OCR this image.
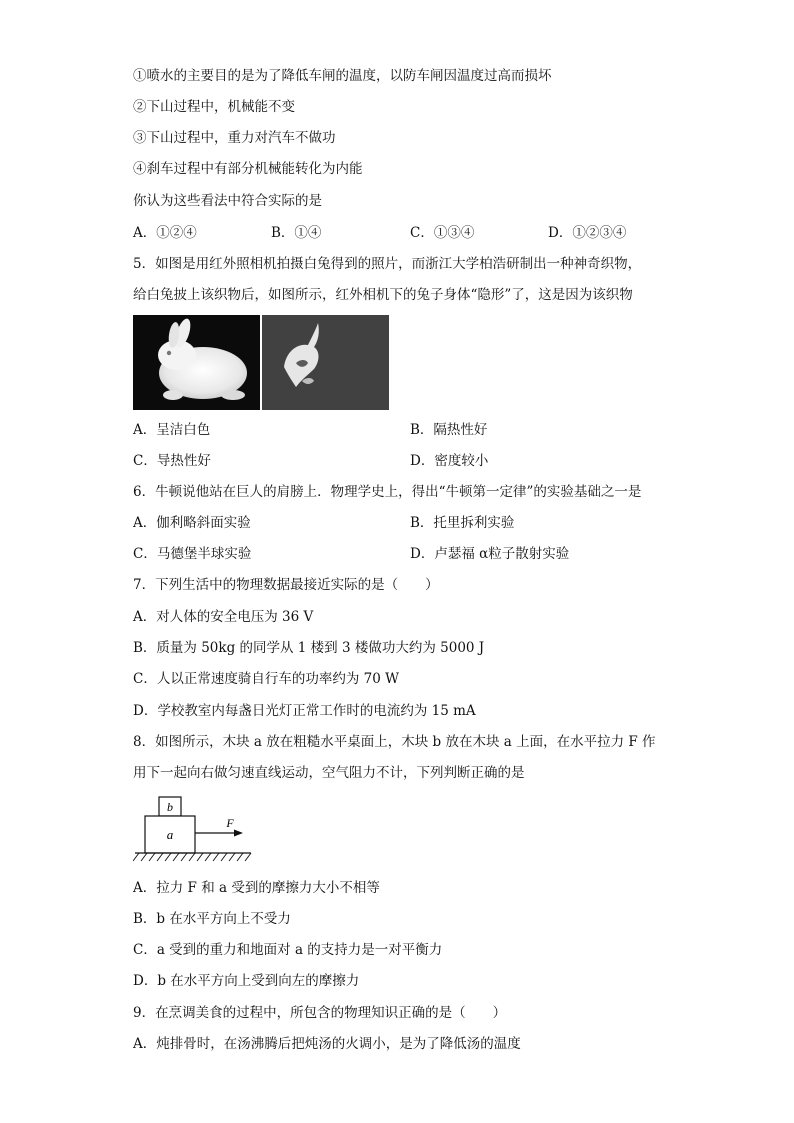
①喷水的主要目的是为了降低车闸的温度，以防车闸因温度过高而损坏
②下山过程中，机械能不变
③下山过程中，重力对汽车不做功
④刹车过程中有部分机械能转化为内能
你认为这些看法中符合实际的是
A．①②④	B．①④	C．①③④	D．①②③④
5．如图是用红外照相机拍摄白兔得到的照片，而浙江大学柏浩研制出一种神奇织物，
给白兔披上该织物后，如图所示，红外相机下的兔子身体“隐形”了，这是因为该织物
A．呈洁白色	B．隔热性好
C．导热性好	D．密度较小
6．牛顿说他站在巨人的肩膀上．物理学史上，得出“牛顿第一定律”的实验基础之一是
A．伽利略斜面实验	B．托里拆利实验
C．马德堡半球实验	D．卢瑟福 α粒子散射实验
7．下列生活中的物理数据最接近实际的是（　　）
A．对人体的安全电压为 36 V
B．质量为 50kg 的同学从 1 楼到 3 楼做功大约为 5000 J
C．人以正常速度骑自行车的功率约为 70 W
D．学校教室内每盏日光灯正常工作时的电流约为 15 mA
8．如图所示，木块 a 放在粗糙水平桌面上，木块 b 放在木块 a 上面，在水平拉力 F 作
用下一起向右做匀速直线运动，空气阻力不计，下列判断正确的是
b
a
F
A．拉力 F 和 a 受到的摩擦力大小不相等
B．b 在水平方向上不受力
C．a 受到的重力和地面对 a 的支持力是一对平衡力
D．b 在水平方向上受到向左的摩擦力
9．在烹调美食的过程中，所包含的物理知识正确的是（　　）
A．炖排骨时，在汤沸腾后把炖汤的火调小，是为了降低汤的温度
